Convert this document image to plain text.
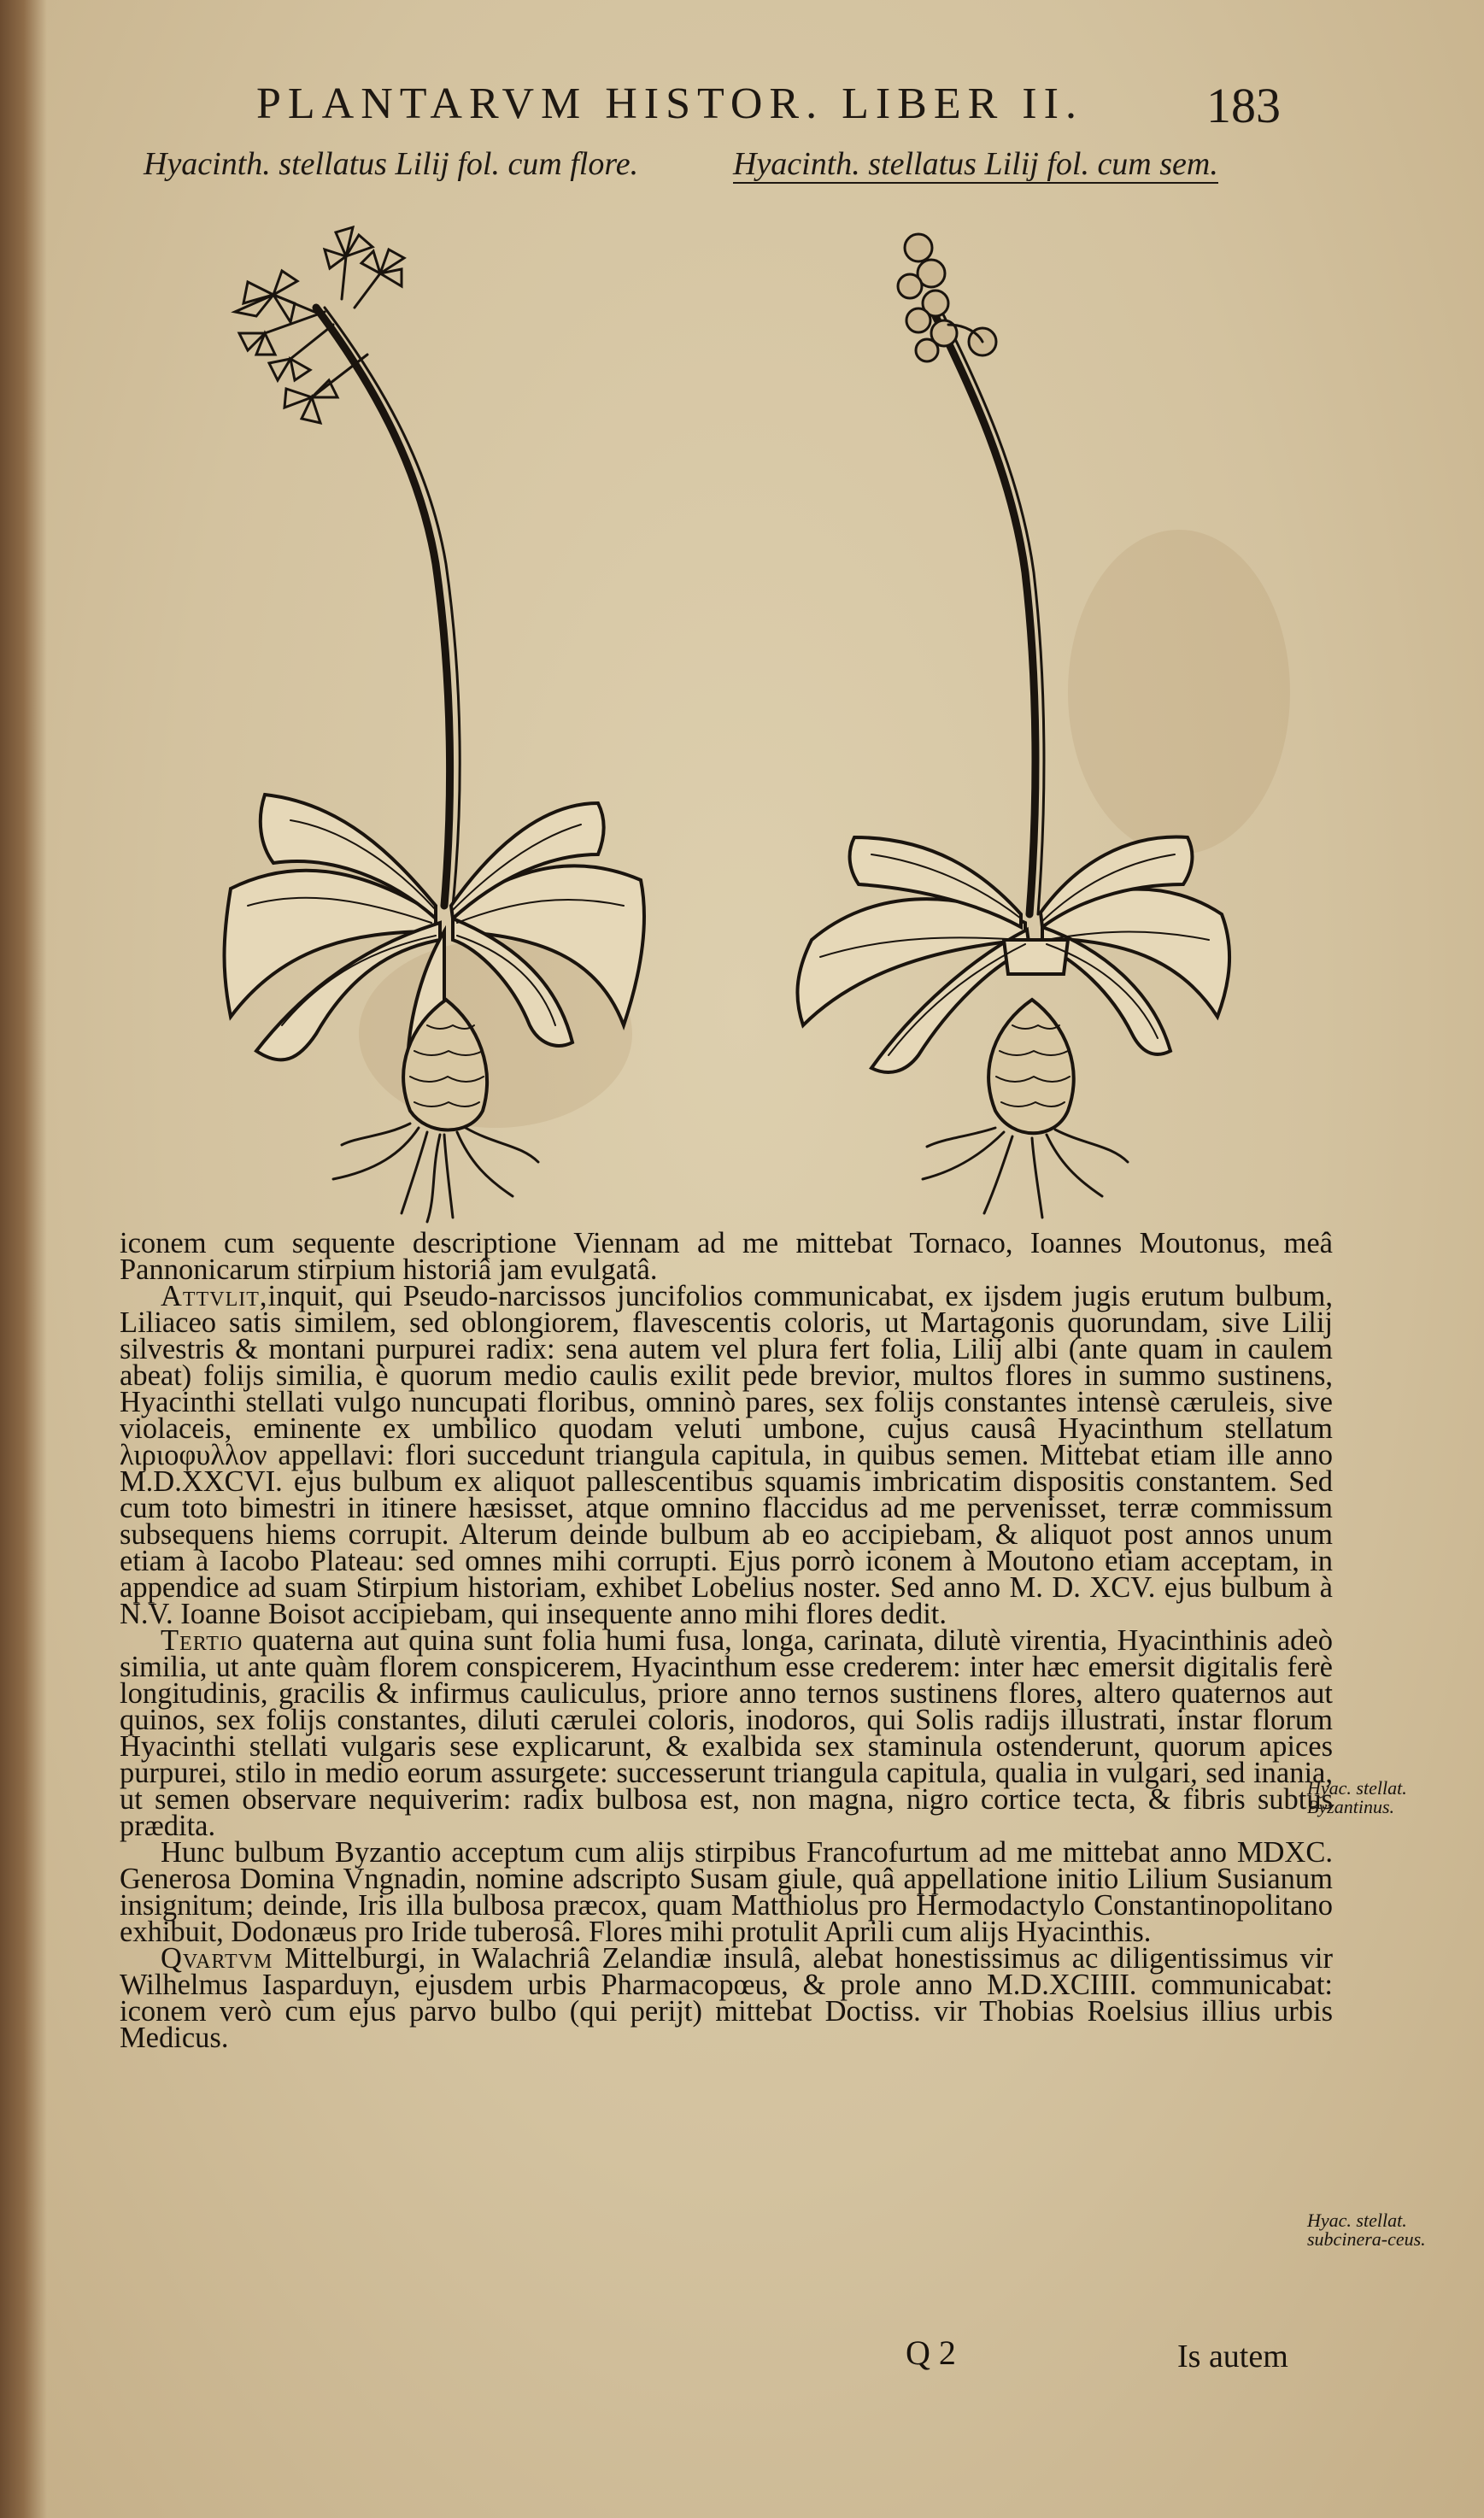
PLANTARVM HISTOR. LIBER II. 183
Hyacinth. stellatus Lilij fol. cum flore.	Hyacinth. stellatus Lilij fol. cum sem.

iconem cum sequente descriptione Viennam ad me mittebat Tornaco, Ioannes Moutonus, meâ Pannonicarum stirpium historiâ jam evulgatâ.

Attvlit,inquit, qui Pseudo-narcissos juncifolios communicabat, ex ijsdem jugis erutum bulbum, Liliaceo satis similem, sed oblongiorem, flavescentis coloris, ut Martagonis quorundam, sive Lilij silvestris & montani purpurei radix: sena autem vel plura fert folia, Lilij albi (ante quam in caulem abeat) folijs similia, è quorum medio caulis exilit pede brevior, multos flores in summo sustinens, Hyacinthi stellati vulgo nuncupati floribus, omninò pares, sex folijs constantes intensè cæruleis, sive violaceis, eminente ex umbilico quodam veluti umbone, cujus causâ Hyacinthum stellatum λιριοφυλλον appellavi: flori succedunt triangula capitula, in quibus semen. Mittebat etiam ille anno M.D.XXCVI. ejus bulbum ex aliquot pallescentibus squamis imbricatim dispositis constantem. Sed cum toto bimestri in itinere hæsisset, atque omnino flaccidus ad me pervenisset, terræ commissum subsequens hiems corrupit. Alterum deinde bulbum ab eo accipiebam, & aliquot post annos unum etiam à Iacobo Plateau: sed omnes mihi corrupti. Ejus porrò iconem à Moutono etiam acceptam, in appendice ad suam Stirpium historiam, exhibet Lobelius noster. Sed anno M. D. XCV. ejus bulbum à N.V. Ioanne Boisot accipiebam, qui insequente anno mihi flores dedit.

Tertio quaterna aut quina sunt folia humi fusa, longa, carinata, dilutè virentia, Hyacinthinis adeò similia, ut ante quàm florem conspicerem, Hyacinthum esse crederem: inter hæc emersit digitalis ferè longitudinis, gracilis & infirmus cauliculus, priore anno ternos sustinens flores, altero quaternos aut quinos, sex folijs constantes, diluti cærulei coloris, inodoros, qui Solis radijs illustrati, instar florum Hyacinthi stellati vulgaris sese explicarunt, & exalbida sex staminula ostenderunt, quorum apices purpurei, stilo in medio eorum assurgete: successerunt triangula capitula, qualia in vulgari, sed inania, ut semen observare nequiverim: radix bulbosa est, non magna, nigro cortice tecta, & fibris subtus prædita.

Hunc bulbum Byzantio acceptum cum alijs stirpibus Francofurtum ad me mittebat anno MDXC. Generosa Domina Vngnadin, nomine adscripto Susam giule, quâ appellatione initio Lilium Susianum insignitum; deinde, Iris illa bulbosa præcox, quam Matthiolus pro Hermodactylo Constantinopolitano exhibuit, Dodonæus pro Iride tuberosâ. Flores mihi protulit Aprili cum alijs Hyacinthis.

Qvartvm Mittelburgi, in Walachriâ Zelandiæ insulâ, alebat honestissimus ac diligentissimus vir Wilhelmus Iasparduyn, ejusdem urbis Pharmacopœus, & prole anno M.D.XCIIII. communicabat: iconem verò cum ejus parvo bulbo (qui perijt) mittebat Doctiss. vir Thobias Roelsius illius urbis Medicus.

Hyac. stellat. Byzantinus.
Hyac. stellat. subcinera-ceus.
Q 2	Is autem
